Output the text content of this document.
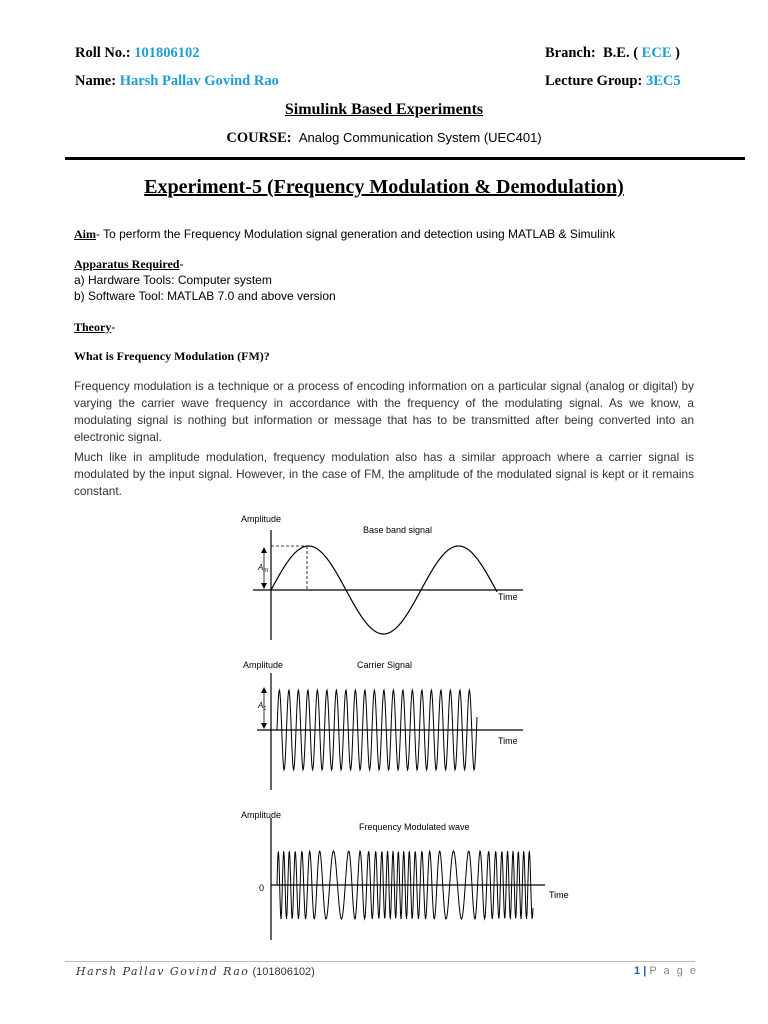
Roll No.: 101806102	Branch: B.E. ( ECE )
Name: Harsh Pallav Govind Rao	Lecture Group: 3EC5
Simulink Based Experiments
COURSE: Analog Communication System (UEC401)
Experiment-5 (Frequency Modulation & Demodulation)
Aim- To perform the Frequency Modulation signal generation and detection using MATLAB & Simulink
Apparatus Required-
a) Hardware Tools: Computer system
b) Software Tool: MATLAB 7.0 and above version
Theory-
What is Frequency Modulation (FM)?
Frequency modulation is a technique or a process of encoding information on a particular signal (analog or digital) by varying the carrier wave frequency in accordance with the frequency of the modulating signal. As we know, a modulating signal is nothing but information or message that has to be transmitted after being converted into an electronic signal.
Much like in amplitude modulation, frequency modulation also has a similar approach where a carrier signal is modulated by the input signal. However, in the case of FM, the amplitude of the modulated signal is kept or it remains constant.
Amplitude
Base band signal
Time
$A_m$
Amplitude	Carrier Signal
Time
$A_c$
Amplitude
Frequency Modulated wave
Time
0
Harsh Pallav Govind Rao (101806102)	1 | P a g e
